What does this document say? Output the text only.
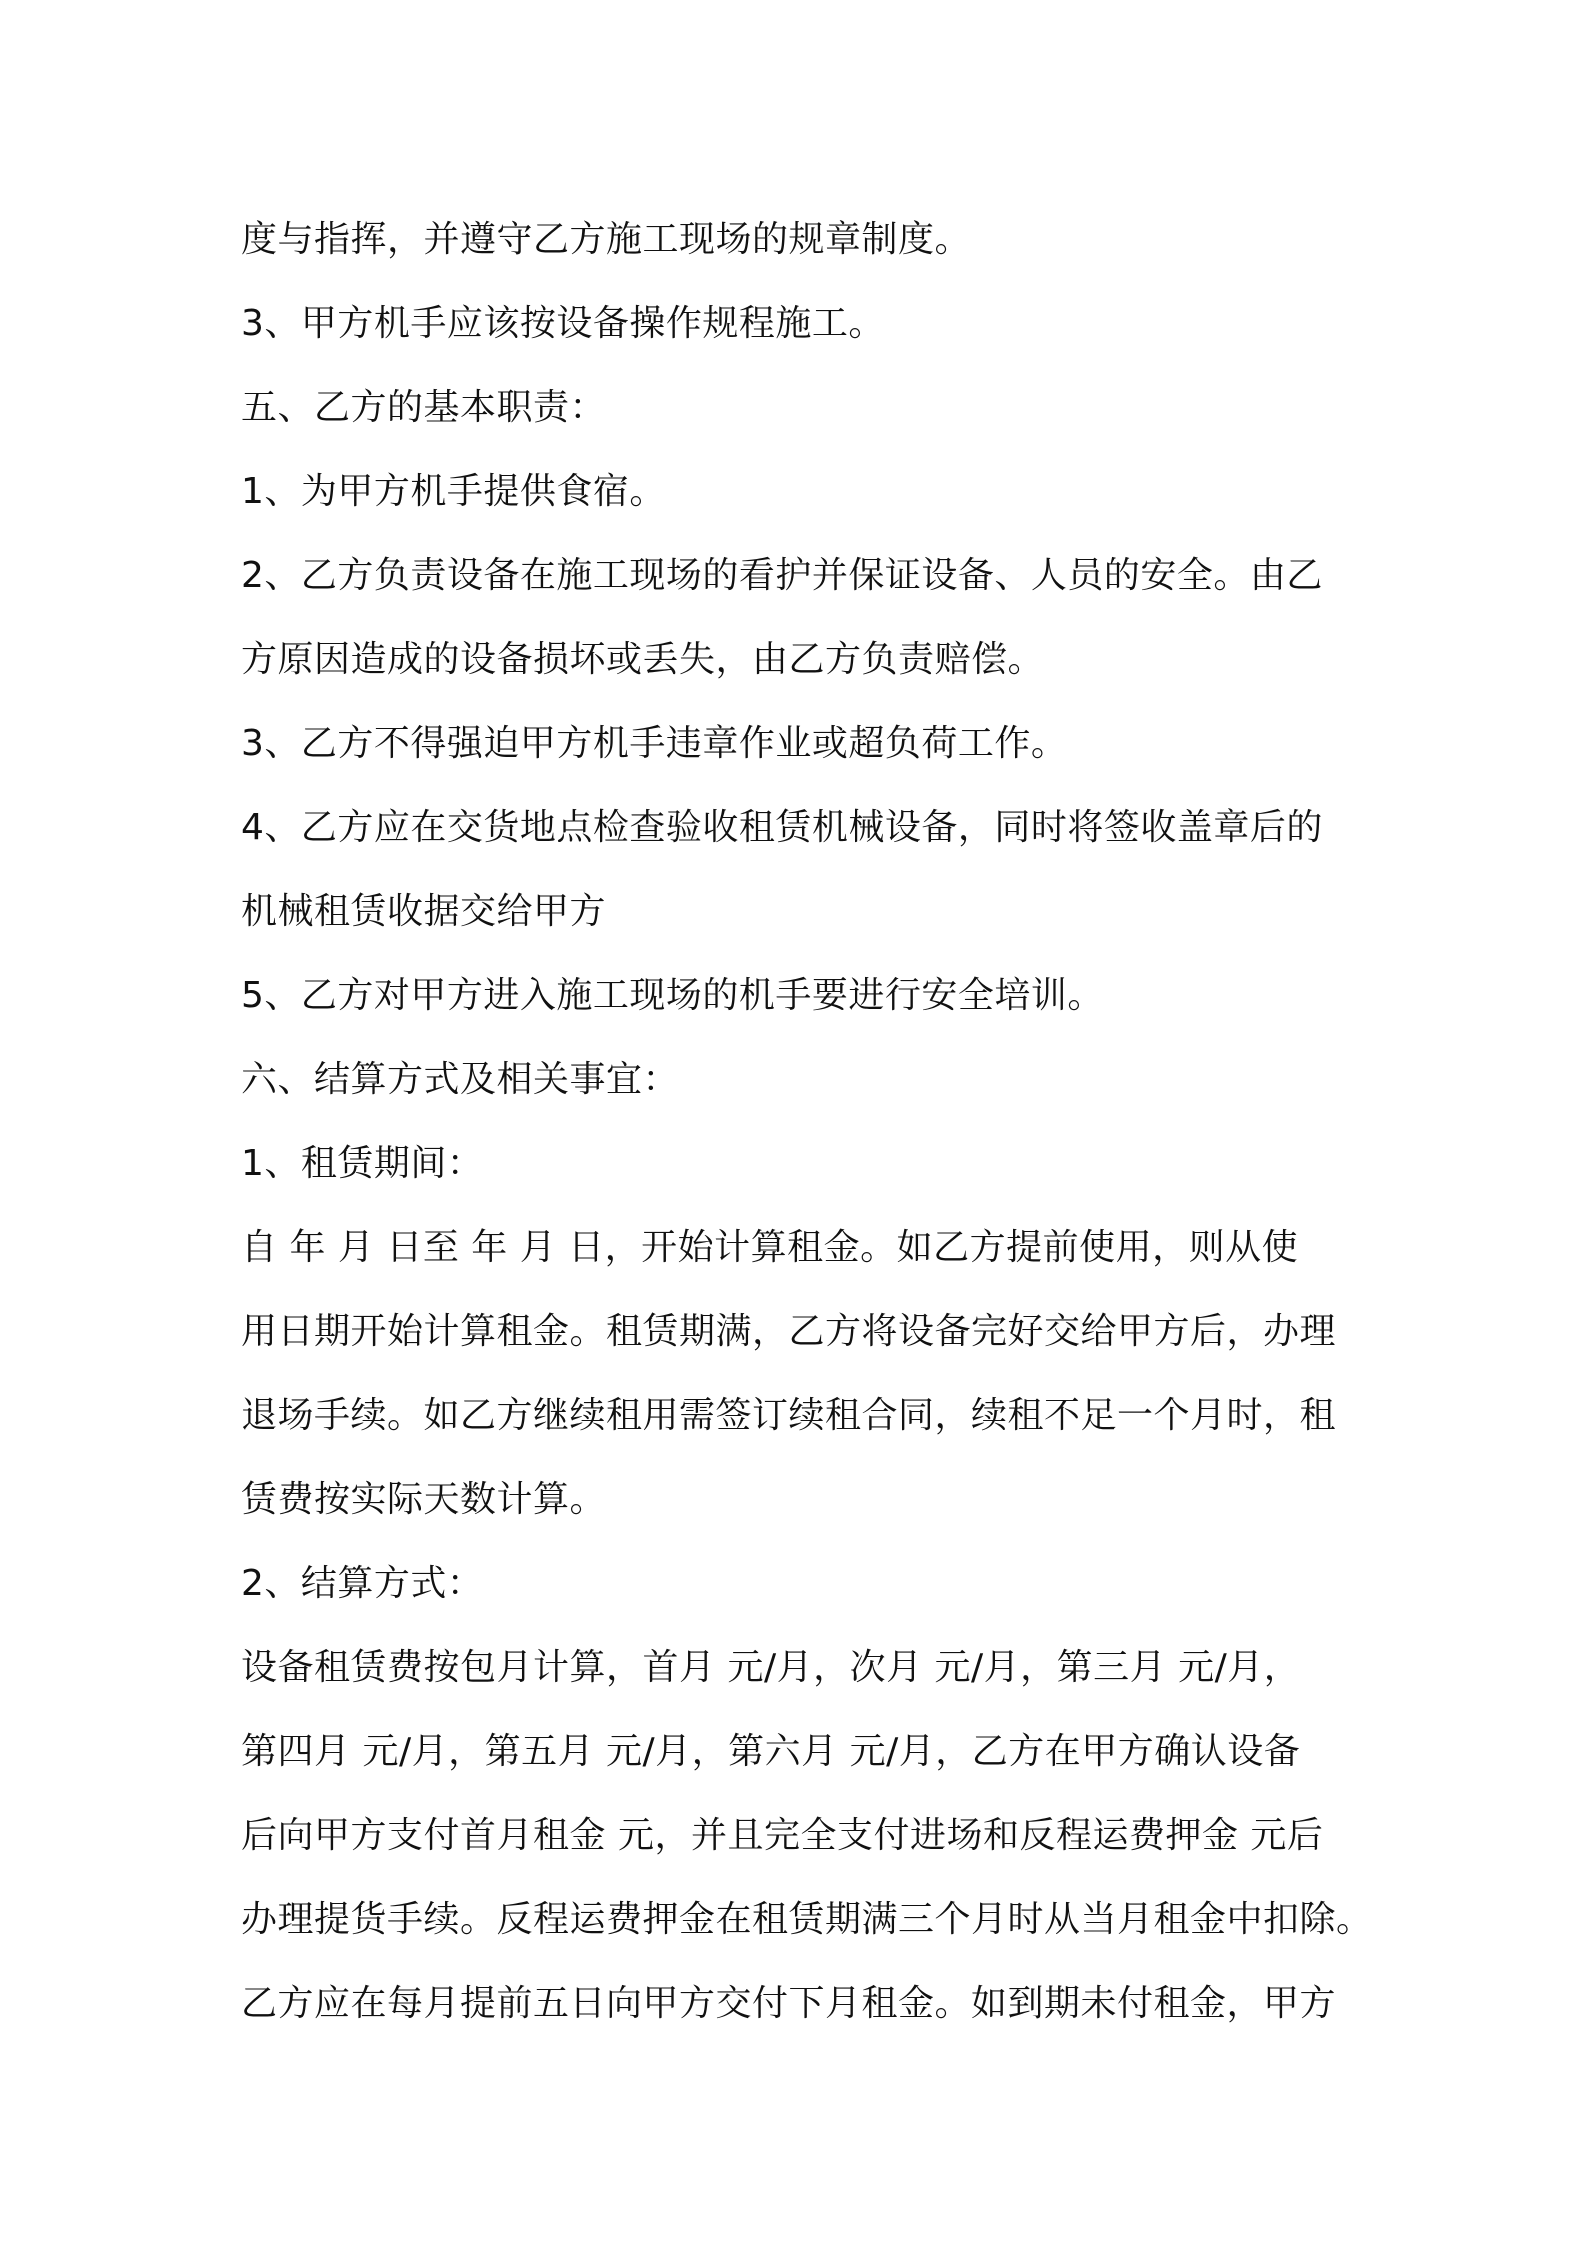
度与指挥，并遵守乙方施工现场的规章制度。
3、甲方机手应该按设备操作规程施工。
五、乙方的基本职责：
1、为甲方机手提供食宿。
2、乙方负责设备在施工现场的看护并保证设备、人员的安全。由乙
方原因造成的设备损坏或丢失，由乙方负责赔偿。
3、乙方不得强迫甲方机手违章作业或超负荷工作。
4、乙方应在交货地点检查验收租赁机械设备，同时将签收盖章后的
机械租赁收据交给甲方
5、乙方对甲方进入施工现场的机手要进行安全培训。
六、结算方式及相关事宜：
1、租赁期间：
自 年 月 日至 年 月 日，开始计算租金。如乙方提前使用，则从使
用日期开始计算租金。租赁期满，乙方将设备完好交给甲方后，办理
退场手续。如乙方继续租用需签订续租合同，续租不足一个月时，租
赁费按实际天数计算。
2、结算方式：
设备租赁费按包月计算，首月 元/月，次月 元/月，第三月 元/月，
第四月 元/月，第五月 元/月，第六月 元/月，乙方在甲方确认设备
后向甲方支付首月租金 元，并且完全支付进场和反程运费押金 元后
办理提货手续。反程运费押金在租赁期满三个月时从当月租金中扣除。
乙方应在每月提前五日向甲方交付下月租金。如到期未付租金，甲方
